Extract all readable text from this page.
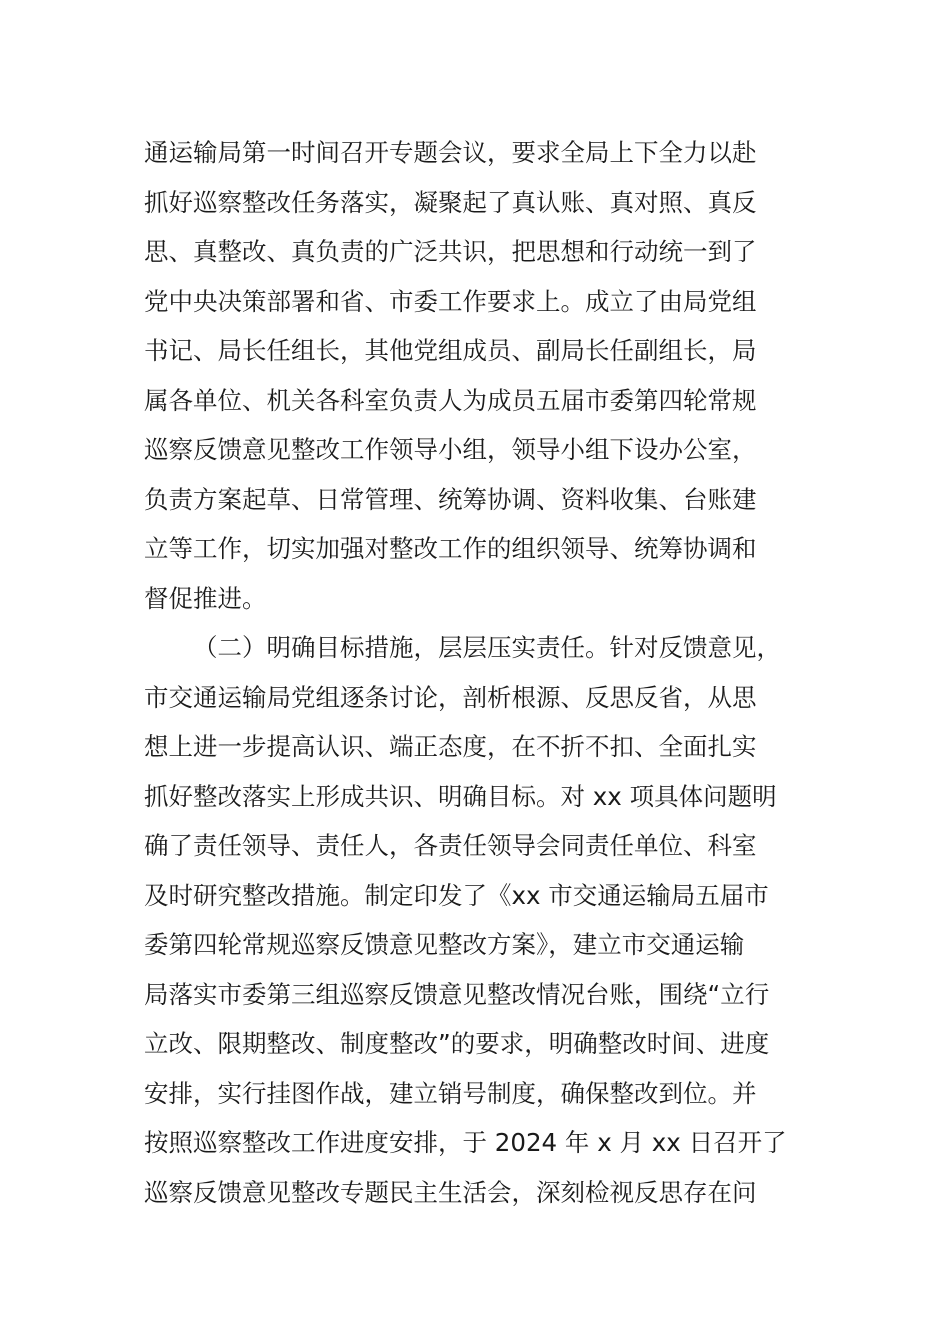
通运输局第一时间召开专题会议，要求全局上下全力以赴
抓好巡察整改任务落实，凝聚起了真认账、真对照、真反
思、真整改、真负责的广泛共识，把思想和行动统一到了
党中央决策部署和省、市委工作要求上。成立了由局党组
书记、局长任组长，其他党组成员、副局长任副组长，局
属各单位、机关各科室负责人为成员五届市委第四轮常规
巡察反馈意见整改工作领导小组，领导小组下设办公室，
负责方案起草、日常管理、统筹协调、资料收集、台账建
立等工作，切实加强对整改工作的组织领导、统筹协调和
督促推进。
（二）明确目标措施，层层压实责任。针对反馈意见，
市交通运输局党组逐条讨论，剖析根源、反思反省，从思
想上进一步提高认识、端正态度，在不折不扣、全面扎实
抓好整改落实上形成共识、明确目标。对 xx 项具体问题明
确了责任领导、责任人，各责任领导会同责任单位、科室
及时研究整改措施。制定印发了《xx 市交通运输局五届市
委第四轮常规巡察反馈意见整改方案》，建立市交通运输
局落实市委第三组巡察反馈意见整改情况台账，围绕“立行
立改、限期整改、制度整改”的要求，明确整改时间、进度
安排，实行挂图作战，建立销号制度，确保整改到位。并
按照巡察整改工作进度安排，于 2024 年 x 月 xx 日召开了
巡察反馈意见整改专题民主生活会，深刻检视反思存在问
